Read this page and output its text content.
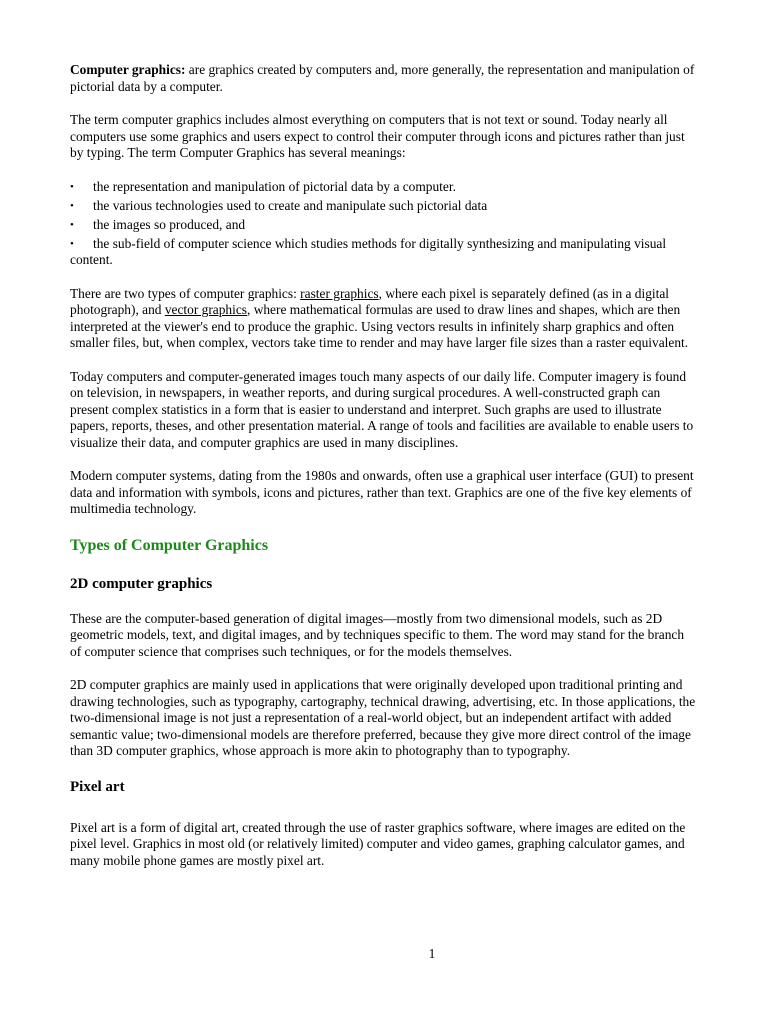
Computer graphics: are graphics created by computers and, more generally, the representation and manipulation of pictorial data by a computer.

The term computer graphics includes almost everything on computers that is not text or sound. Today nearly all computers use some graphics and users expect to control their computer through icons and pictures rather than just by typing. The term Computer Graphics has several meanings:

• the representation and manipulation of pictorial data by a computer.
• the various technologies used to create and manipulate such pictorial data
• the images so produced, and
• the sub-field of computer science which studies methods for digitally synthesizing and manipulating visual content.

There are two types of computer graphics: raster graphics, where each pixel is separately defined (as in a digital photograph), and vector graphics, where mathematical formulas are used to draw lines and shapes, which are then interpreted at the viewer's end to produce the graphic. Using vectors results in infinitely sharp graphics and often smaller files, but, when complex, vectors take time to render and may have larger file sizes than a raster equivalent.

Today computers and computer-generated images touch many aspects of our daily life. Computer imagery is found on television, in newspapers, in weather reports, and during surgical procedures. A well-constructed graph can present complex statistics in a form that is easier to understand and interpret. Such graphs are used to illustrate papers, reports, theses, and other presentation material. A range of tools and facilities are available to enable users to visualize their data, and computer graphics are used in many disciplines.

Modern computer systems, dating from the 1980s and onwards, often use a graphical user interface (GUI) to present data and information with symbols, icons and pictures, rather than text. Graphics are one of the five key elements of multimedia technology.

Types of Computer Graphics
2D computer graphics

These are the computer-based generation of digital images—mostly from two dimensional models, such as 2D geometric models, text, and digital images, and by techniques specific to them. The word may stand for the branch of computer science that comprises such techniques, or for the models themselves.

2D computer graphics are mainly used in applications that were originally developed upon traditional printing and drawing technologies, such as typography, cartography, technical drawing, advertising, etc. In those applications, the two-dimensional image is not just a representation of a real-world object, but an independent artifact with added semantic value; two-dimensional models are therefore preferred, because they give more direct control of the image than 3D computer graphics, whose approach is more akin to photography than to typography.

Pixel art

Pixel art is a form of digital art, created through the use of raster graphics software, where images are edited on the pixel level. Graphics in most old (or relatively limited) computer and video games, graphing calculator games, and many mobile phone games are mostly pixel art.

1
